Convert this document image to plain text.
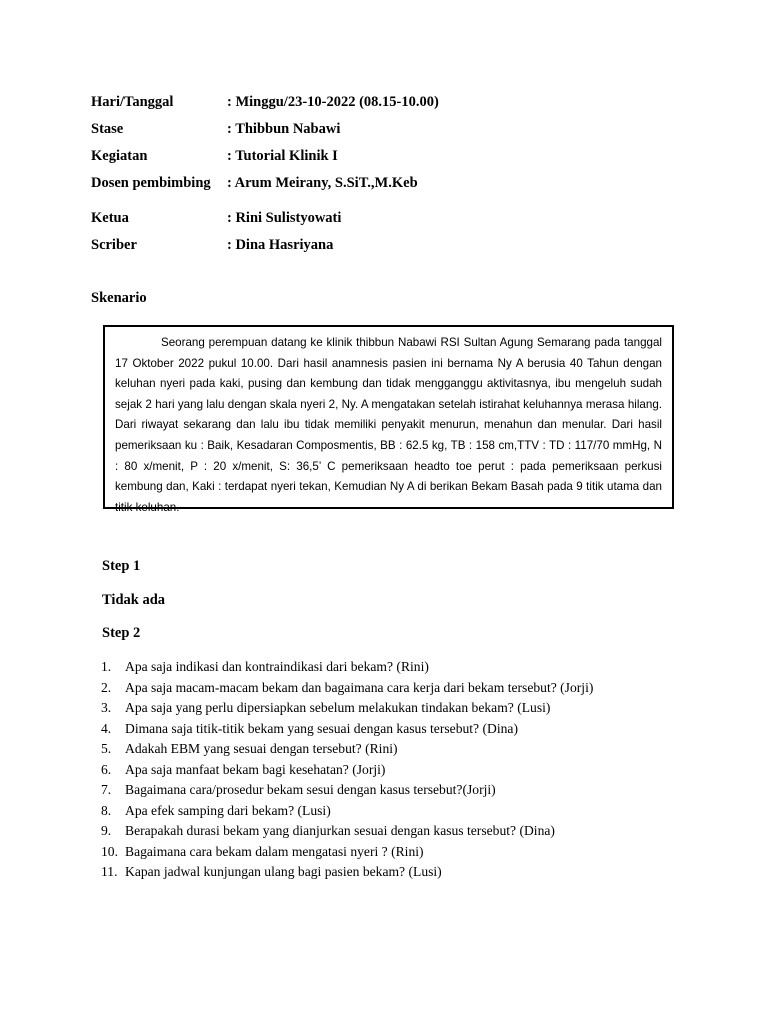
Hari/Tanggal	: Minggu/23-10-2022 (08.15-10.00)
Stase	: Thibbun Nabawi
Kegiatan	: Tutorial Klinik I
Dosen pembimbing	: Arum Meirany, S.SiT.,M.Keb
Ketua	: Rini Sulistyowati
Scriber	: Dina Hasriyana
Skenario

Seorang perempuan datang ke klinik thibbun Nabawi RSI Sultan Agung Semarang pada tanggal 17 Oktober 2022 pukul 10.00. Dari hasil anamnesis pasien ini bernama Ny A berusia 40 Tahun dengan keluhan nyeri pada kaki, pusing dan kembung dan tidak mengganggu aktivitasnya, ibu mengeluh sudah sejak 2 hari yang lalu dengan skala nyeri 2, Ny. A mengatakan setelah istirahat keluhannya merasa hilang. Dari riwayat sekarang dan lalu ibu tidak memiliki penyakit menurun, menahun dan menular. Dari hasil pemeriksaan ku : Baik, Kesadaran Composmentis, BB : 62.5 kg, TB : 158 cm,TTV : TD : 117/70 mmHg, N : 80 x/menit, P : 20 x/menit, S: 36,5’ C pemeriksaan headto toe perut : pada pemeriksaan perkusi kembung dan, Kaki : terdapat nyeri tekan, Kemudian Ny A di berikan Bekam Basah pada 9 titik utama dan titik keluhan.

Step 1
Tidak ada
Step 2
1.	Apa saja indikasi dan kontraindikasi dari bekam? (Rini)
2.	Apa saja macam-macam bekam dan bagaimana cara kerja dari bekam tersebut? (Jorji)
3.	Apa saja yang perlu dipersiapkan sebelum melakukan tindakan bekam? (Lusi)
4.	Dimana saja titik-titik bekam yang sesuai dengan kasus tersebut? (Dina)
5.	Adakah EBM yang sesuai dengan tersebut? (Rini)
6.	Apa saja manfaat bekam bagi kesehatan? (Jorji)
7.	Bagaimana cara/prosedur bekam sesui dengan kasus tersebut?(Jorji)
8.	Apa efek samping dari bekam? (Lusi)
9.	Berapakah durasi bekam yang dianjurkan sesuai dengan kasus tersebut? (Dina)
10. Bagaimana cara bekam dalam mengatasi nyeri ? (Rini)
11. Kapan jadwal kunjungan ulang bagi pasien bekam? (Lusi)
